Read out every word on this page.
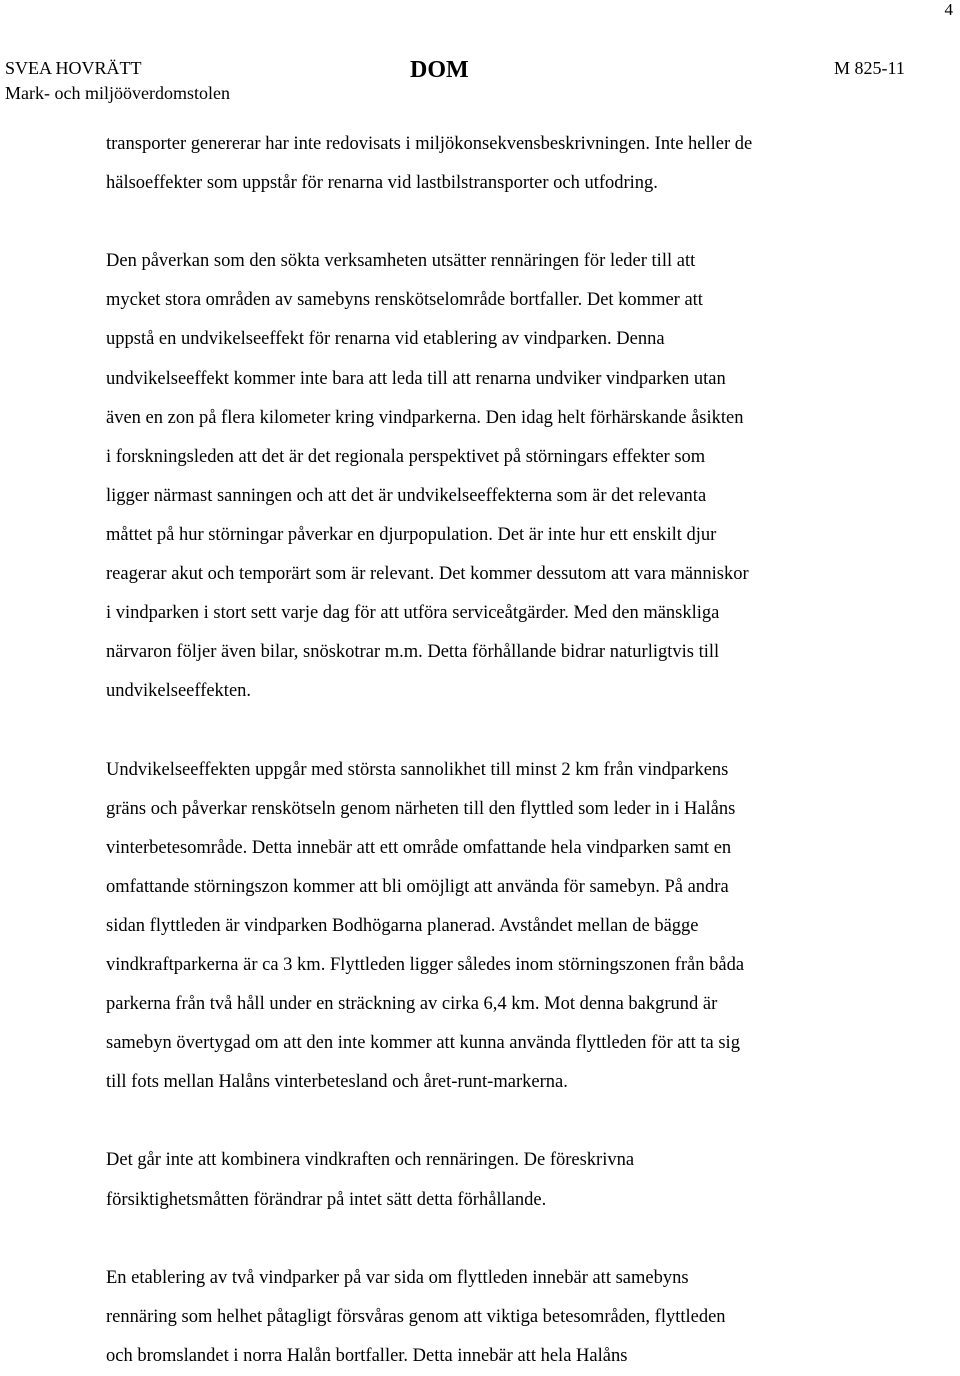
4
SVEA HOVRÄTT
Mark- och miljööverdomstolen
DOM	M 825-11
transporter genererar har inte redovisats i miljökonsekvensbeskrivningen. Inte heller de
hälsoeffekter som uppstår för renarna vid lastbilstransporter och utfodring.
Den påverkan som den sökta verksamheten utsätter rennäringen för leder till att
mycket stora områden av samebyns renskötselområde bortfaller. Det kommer att
uppstå en undvikelseeffekt för renarna vid etablering av vindparken. Denna
undvikelseeffekt kommer inte bara att leda till att renarna undviker vindparken utan
även en zon på flera kilometer kring vindparkerna. Den idag helt förhärskande åsikten
i forskningsleden att det är det regionala perspektivet på störningars effekter som
ligger närmast sanningen och att det är undvikelseeffekterna som är det relevanta
måttet på hur störningar påverkar en djurpopulation. Det är inte hur ett enskilt djur
reagerar akut och temporärt som är relevant. Det kommer dessutom att vara människor
i vindparken i stort sett varje dag för att utföra serviceåtgärder. Med den mänskliga
närvaron följer även bilar, snöskotrar m.m. Detta förhållande bidrar naturligtvis till
undvikelseeffekten.
Undvikelseeffekten uppgår med största sannolikhet till minst 2 km från vindparkens
gräns och påverkar renskötseln genom närheten till den flyttled som leder in i Halåns
vinterbetesområde. Detta innebär att ett område omfattande hela vindparken samt en
omfattande störningszon kommer att bli omöjligt att använda för samebyn. På andra
sidan flyttleden är vindparken Bodhögarna planerad. Avståndet mellan de bägge
vindkraftparkerna är ca 3 km. Flyttleden ligger således inom störningszonen från båda
parkerna från två håll under en sträckning av cirka 6,4 km. Mot denna bakgrund är
samebyn övertygad om att den inte kommer att kunna använda flyttleden för att ta sig
till fots mellan Halåns vinterbetesland och året-runt-markerna.
Det går inte att kombinera vindkraften och rennäringen. De föreskrivna
försiktighetsmåtten förändrar på intet sätt detta förhållande.
En etablering av två vindparker på var sida om flyttleden innebär att samebyns
rennäring som helhet påtagligt försvåras genom att viktiga betesområden, flyttleden
och bromslandet i norra Halån bortfaller. Detta innebär att hela Halåns
